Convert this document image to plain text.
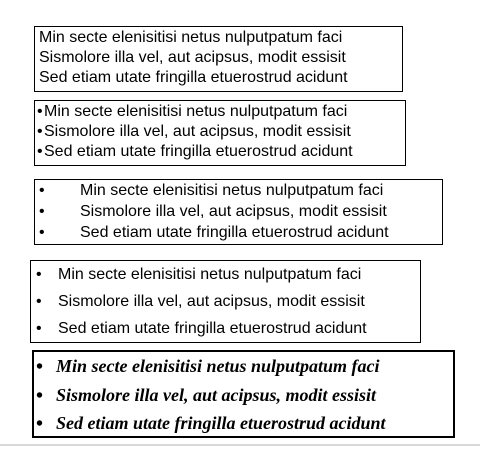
Min secte elenisitisi netus nulputpatum faci
Sismolore illa vel, aut acipsus, modit essisit
Sed etiam utate fringilla etuerostrud acidunt
• Min secte elenisitisi netus nulputpatum faci
• Sismolore illa vel, aut acipsus, modit essisit
• Sed etiam utate fringilla etuerostrud acidunt
• Min secte elenisitisi netus nulputpatum faci
• Sismolore illa vel, aut acipsus, modit essisit
• Sed etiam utate fringilla etuerostrud acidunt
• Min secte elenisitisi netus nulputpatum faci
• Sismolore illa vel, aut acipsus, modit essisit
• Sed etiam utate fringilla etuerostrud acidunt
• Min secte elenisitisi netus nulputpatum faci
• Sismolore illa vel, aut acipsus, modit essisit
• Sed etiam utate fringilla etuerostrud acidunt
